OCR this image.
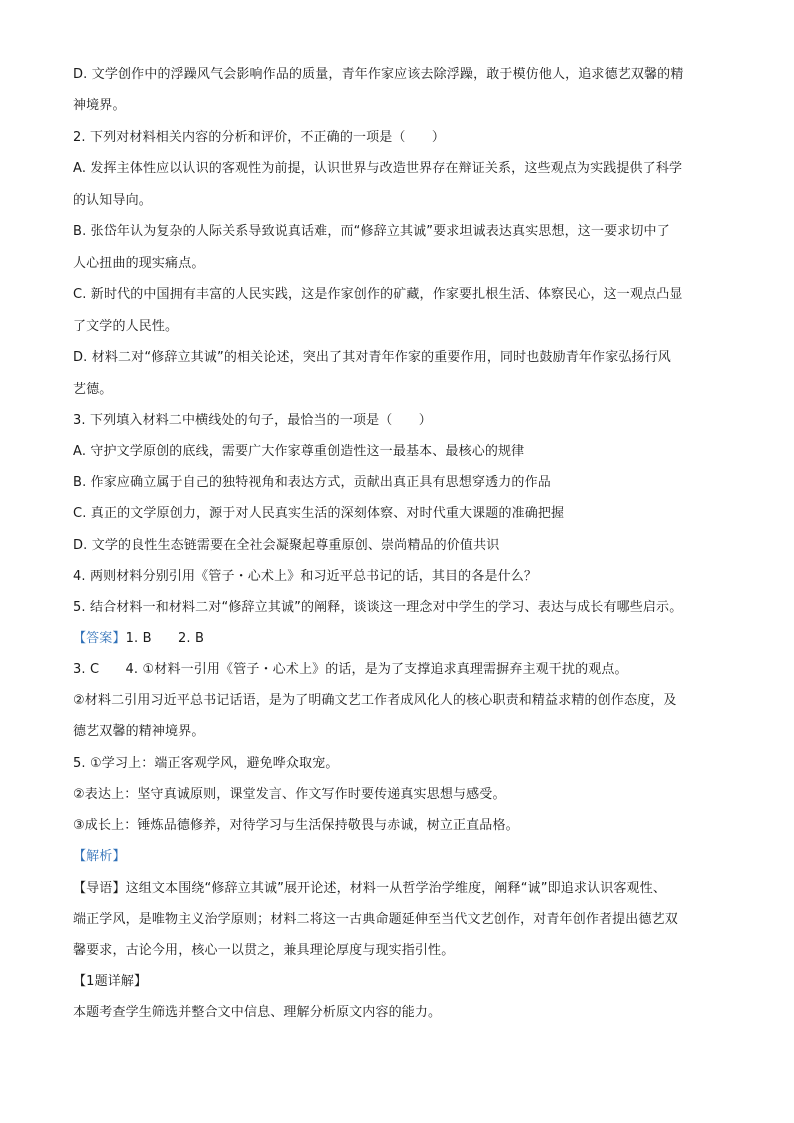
D. 文学创作中的浮躁风气会影响作品的质量，青年作家应该去除浮躁，敢于模仿他人，追求德艺双馨的精
神境界。
2. 下列对材料相关内容的分析和评价，不正确的一项是（　　）
A. 发挥主体性应以认识的客观性为前提，认识世界与改造世界存在辩证关系，这些观点为实践提供了科学
的认知导向。
B. 张岱年认为复杂的人际关系导致说真话难，而“修辞立其诚”要求坦诚表达真实思想，这一要求切中了
人心扭曲的现实痛点。
C. 新时代的中国拥有丰富的人民实践，这是作家创作的矿藏，作家要扎根生活、体察民心，这一观点凸显
了文学的人民性。
D. 材料二对“修辞立其诚”的相关论述，突出了其对青年作家的重要作用，同时也鼓励青年作家弘扬行风
艺德。
3. 下列填入材料二中横线处的句子，最恰当的一项是（　　）
A. 守护文学原创的底线，需要广大作家尊重创造性这一最基本、最核心的规律
B. 作家应确立属于自己的独特视角和表达方式，贡献出真正具有思想穿透力的作品
C. 真正的文学原创力，源于对人民真实生活的深刻体察、对时代重大课题的准确把握
D. 文学的良性生态链需要在全社会凝聚起尊重原创、崇尚精品的价值共识
4. 两则材料分别引用《管子・心术上》和习近平总书记的话，其目的各是什么？
5. 结合材料一和材料二对“修辞立其诚”的阐释，谈谈这一理念对中学生的学习、表达与成长有哪些启示。
【答案】1. B　　2. B
3. C　　4. ①材料一引用《管子・心术上》的话，是为了支撑追求真理需摒弃主观干扰的观点。
②材料二引用习近平总书记话语，是为了明确文艺工作者成风化人的核心职责和精益求精的创作态度，及
德艺双馨的精神境界。
5. ①学习上：端正客观学风，避免哗众取宠。
②表达上：坚守真诚原则，课堂发言、作文写作时要传递真实思想与感受。
③成长上：锤炼品德修养，对待学习与生活保持敬畏与赤诚，树立正直品格。
【解析】
【导语】这组文本围绕“修辞立其诚”展开论述，材料一从哲学治学维度，阐释“诚”即追求认识客观性、
端正学风，是唯物主义治学原则；材料二将这一古典命题延伸至当代文艺创作，对青年创作者提出德艺双
馨要求，古论今用，核心一以贯之，兼具理论厚度与现实指引性。
【1题详解】
本题考查学生筛选并整合文中信息、理解分析原文内容的能力。
